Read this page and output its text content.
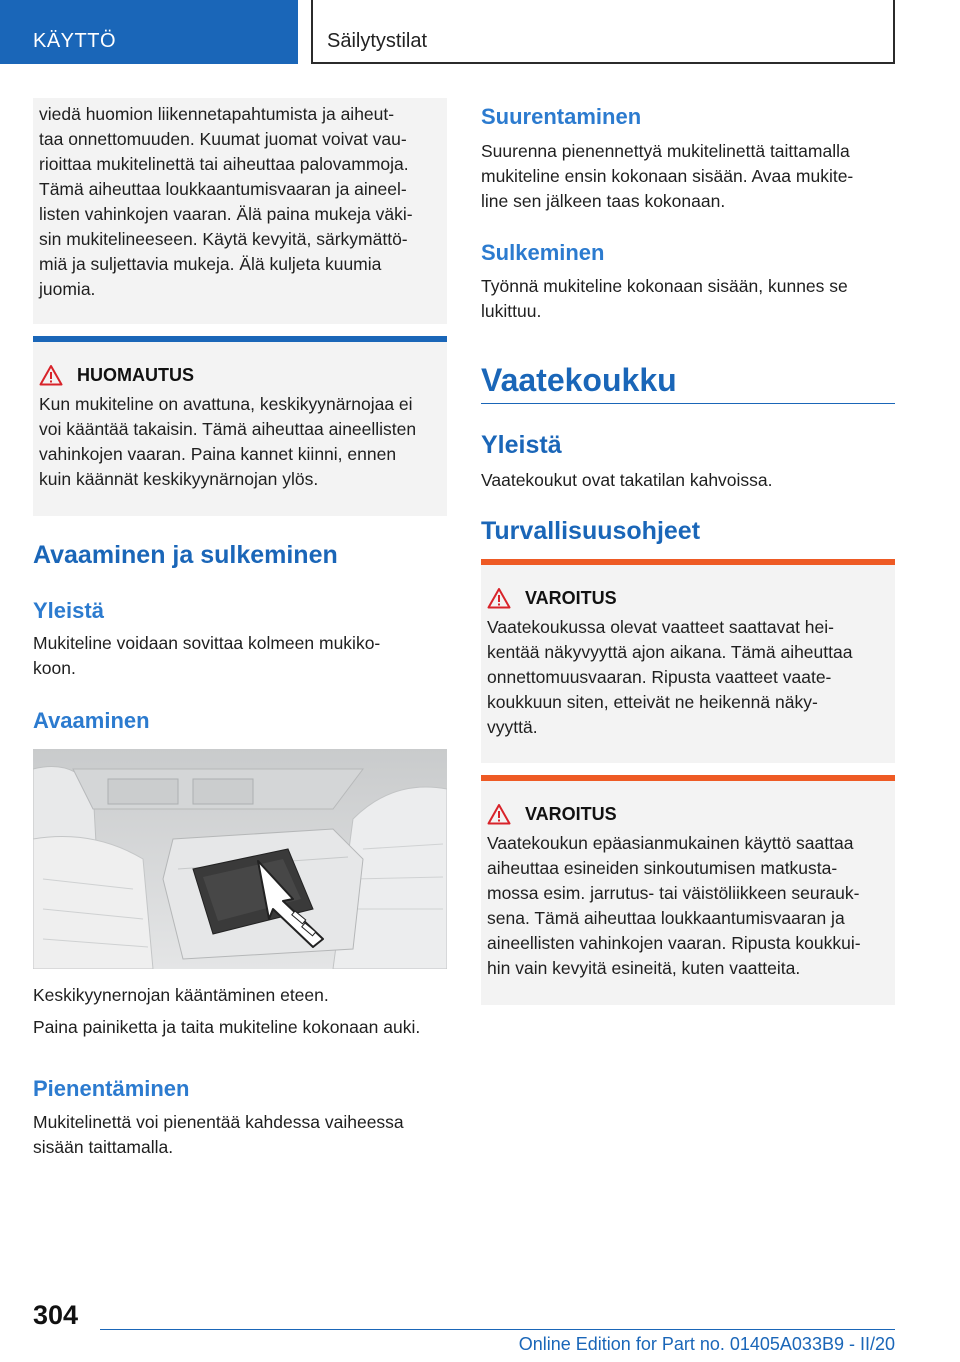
KÄYTTÖ	Säilytystilat
viedä huomion liikennetapahtumista ja aiheut-
taa onnettomuuden. Kuumat juomat voivat vau-
rioittaa mukitelinettä tai aiheuttaa palovammoja.
Tämä aiheuttaa loukkaantumisvaaran ja aineel-
listen vahinkojen vaaran. Älä paina mukeja väki-
sin mukitelineeseen. Käytä kevyitä, särkymättö-
miä ja suljettavia mukeja. Älä kuljeta kuumia
juomia.
HUOMAUTUS
Kun mukiteline on avattuna, keskikyynärnojaa ei
voi kääntää takaisin. Tämä aiheuttaa aineellisten
vahinkojen vaaran. Paina kannet kiinni, ennen
kuin käännät keskikyynärnojan ylös.
Avaaminen ja sulkeminen
Yleistä
Mukiteline voidaan sovittaa kolmeen mukiko-
koon.
Avaaminen
Keskikyynernojan kääntäminen eteen.
Paina painiketta ja taita mukiteline kokonaan auki.
Pienentäminen
Mukitelinettä voi pienentää kahdessa vaiheessa
sisään taittamalla.
Suurentaminen
Suurenna pienennettyä mukitelinettä taittamalla
mukiteline ensin kokonaan sisään. Avaa mukite-
line sen jälkeen taas kokonaan.
Sulkeminen
Työnnä mukiteline kokonaan sisään, kunnes se
lukittuu.
Vaatekoukku
Yleistä
Vaatekoukut ovat takatilan kahvoissa.
Turvallisuusohjeet
VAROITUS
Vaatekoukussa olevat vaatteet saattavat hei-
kentää näkyvyyttä ajon aikana. Tämä aiheuttaa
onnettomuusvaaran. Ripusta vaatteet vaate-
koukkuun siten, etteivät ne heikennä näky-
vyyttä.
VAROITUS
Vaatekoukun epäasianmukainen käyttö saattaa
aiheuttaa esineiden sinkoutumisen matkusta-
mossa esim. jarrutus- tai väistöliikkeen seurauk-
sena. Tämä aiheuttaa loukkaantumisvaaran ja
aineellisten vahinkojen vaaran. Ripusta koukkui-
hin vain kevyitä esineitä, kuten vaatteita.
304
Online Edition for Part no. 01405A033B9 - II/20
